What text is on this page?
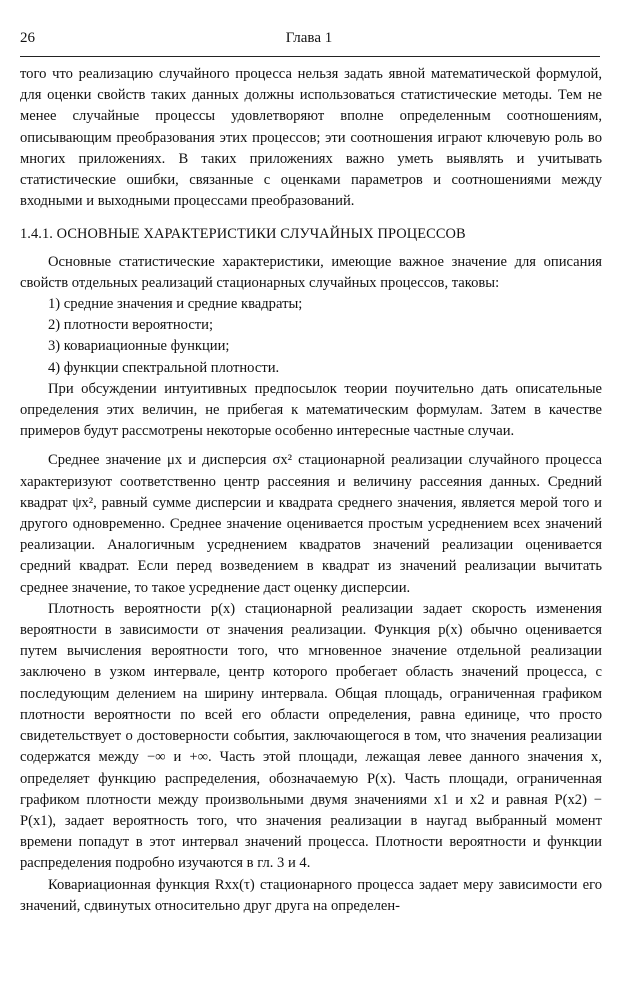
26	Глава 1

того что реализацию случайного процесса нельзя задать явной математической формулой, для оценки свойств таких данных должны использоваться статистические методы. Тем не менее случайные процессы удовлетворяют вполне определенным соотношениям, описывающим преобразования этих процессов; эти соотношения играют ключевую роль во многих приложениях. В таких приложениях важно уметь выявлять и учитывать статистические ошибки, связанные с оценками параметров и соотношениями между входными и выходными процессами преобразований.

1.4.1. ОСНОВНЫЕ ХАРАКТЕРИСТИКИ СЛУЧАЙНЫХ ПРОЦЕССОВ

Основные статистические характеристики, имеющие важное значение для описания свойств отдельных реализаций стационарных случайных процессов, таковы:

1) средние значения и средние квадраты;
2) плотности вероятности;
3) ковариационные функции;
4) функции спектральной плотности.

При обсуждении интуитивных предпосылок теории поучительно дать описательные определения этих величин, не прибегая к математическим формулам. Затем в качестве примеров будут рассмотрены некоторые особенно интересные частные случаи.

Среднее значение μx и дисперсия σx² стационарной реализации случайного процесса характеризуют соответственно центр рассеяния и величину рассеяния данных. Средний квадрат ψx², равный сумме дисперсии и квадрата среднего значения, является мерой того и другого одновременно. Среднее значение оценивается простым усреднением всех значений реализации. Аналогичным усреднением квадратов значений реализации оценивается средний квадрат. Если перед возведением в квадрат из значений реализации вычитать среднее значение, то такое усреднение даст оценку дисперсии.

Плотность вероятности p(x) стационарной реализации задает скорость изменения вероятности в зависимости от значения реализации. Функция p(x) обычно оценивается путем вычисления вероятности того, что мгновенное значение отдельной реализации заключено в узком интервале, центр которого пробегает область значений процесса, с последующим делением на ширину интервала. Общая площадь, ограниченная графиком плотности вероятности по всей его области определения, равна единице, что просто свидетельствует о достоверности события, заключающегося в том, что значения реализации содержатся между −∞ и +∞. Часть этой площади, лежащая левее данного значения x, определяет функцию распределения, обозначаемую P(x). Часть площади, ограниченная графиком плотности между произвольными двумя значениями x1 и x2 и равная P(x2) − P(x1), задает вероятность того, что значения реализации в наугад выбранный момент времени попадут в этот интервал значений процесса. Плотности вероятности и функции распределения подробно изучаются в гл. 3 и 4.

Ковариационная функция Rxx(τ) стационарного процесса задает меру зависимости его значений, сдвинутых относительно друг друга на определен-
